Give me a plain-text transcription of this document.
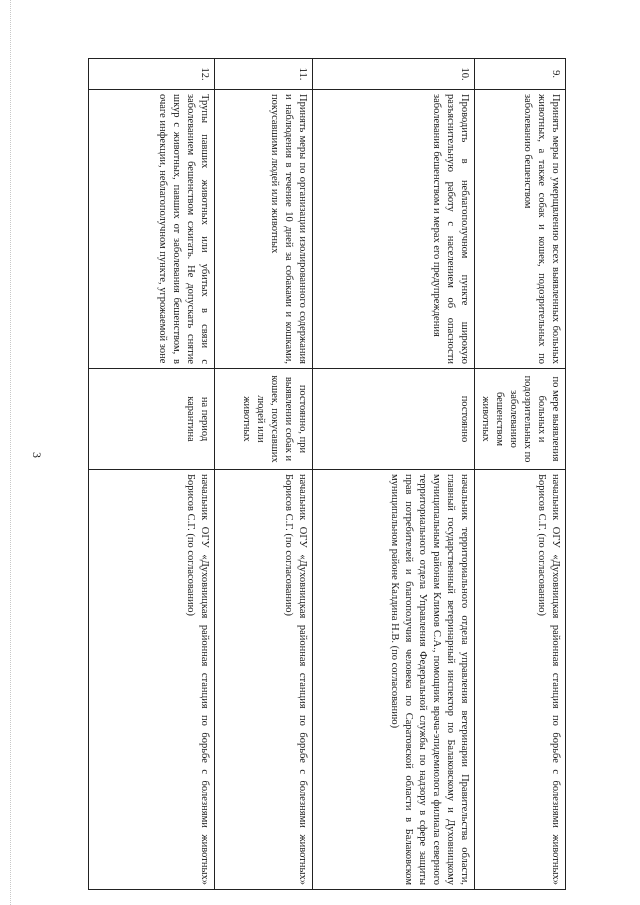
3
9.	Принять меры по умерщвлению всех выявленных больных животных, а также собак и кошек, подозрительных по заболеванию бешенством	по мере выявления больных и подозрительных по заболеванию бешенством животных	начальник ОГУ «Духовницкая районная станция по борьбе с болезнями животных» Борисов С.Г. (по согласованию)
10.	Проводить в неблагополучном пункте широкую разъяснительную работу с населением об опасности заболевания бешенством и мерах его предупреждения	постоянно	начальник территориального отдела управления ветеринарии Правительства области, главный государственный ветеринарный инспектор по Балаковскому и Духовницкому муниципальным районам Климов С.А., помощник врача-эпидемиолога филиала северного территориального отдела Управления Федеральной службы по надзору в сфере защиты прав потребителей и благополучия человека по Саратовской области в Балаковском муниципальном районе Калдина Н.В. (по согласованию)
11.	Принять меры по организации изолированного содержания и наблюдения в течение 10 дней за собаками и кошками, покусавшими людей или животных	постоянно, при выявлении собак и кошек, покусавших людей или животных	начальник ОГУ «Духовницкая районная станция по борьбе с болезнями животных» Борисов С.Г. (по согласованию)
12.	Трупы павших животных или убитых в связи с заболеванием бешенством сжигать. Не допускать снятие шкур с животных, павших от заболевания бешенством, в очаге инфекции, неблагополучном пункте, угрожаемой зоне	на период карантина	начальник ОГУ «Духовницкая районная станция по борьбе с болезнями животных» Борисов С.Г. (по согласованию)
